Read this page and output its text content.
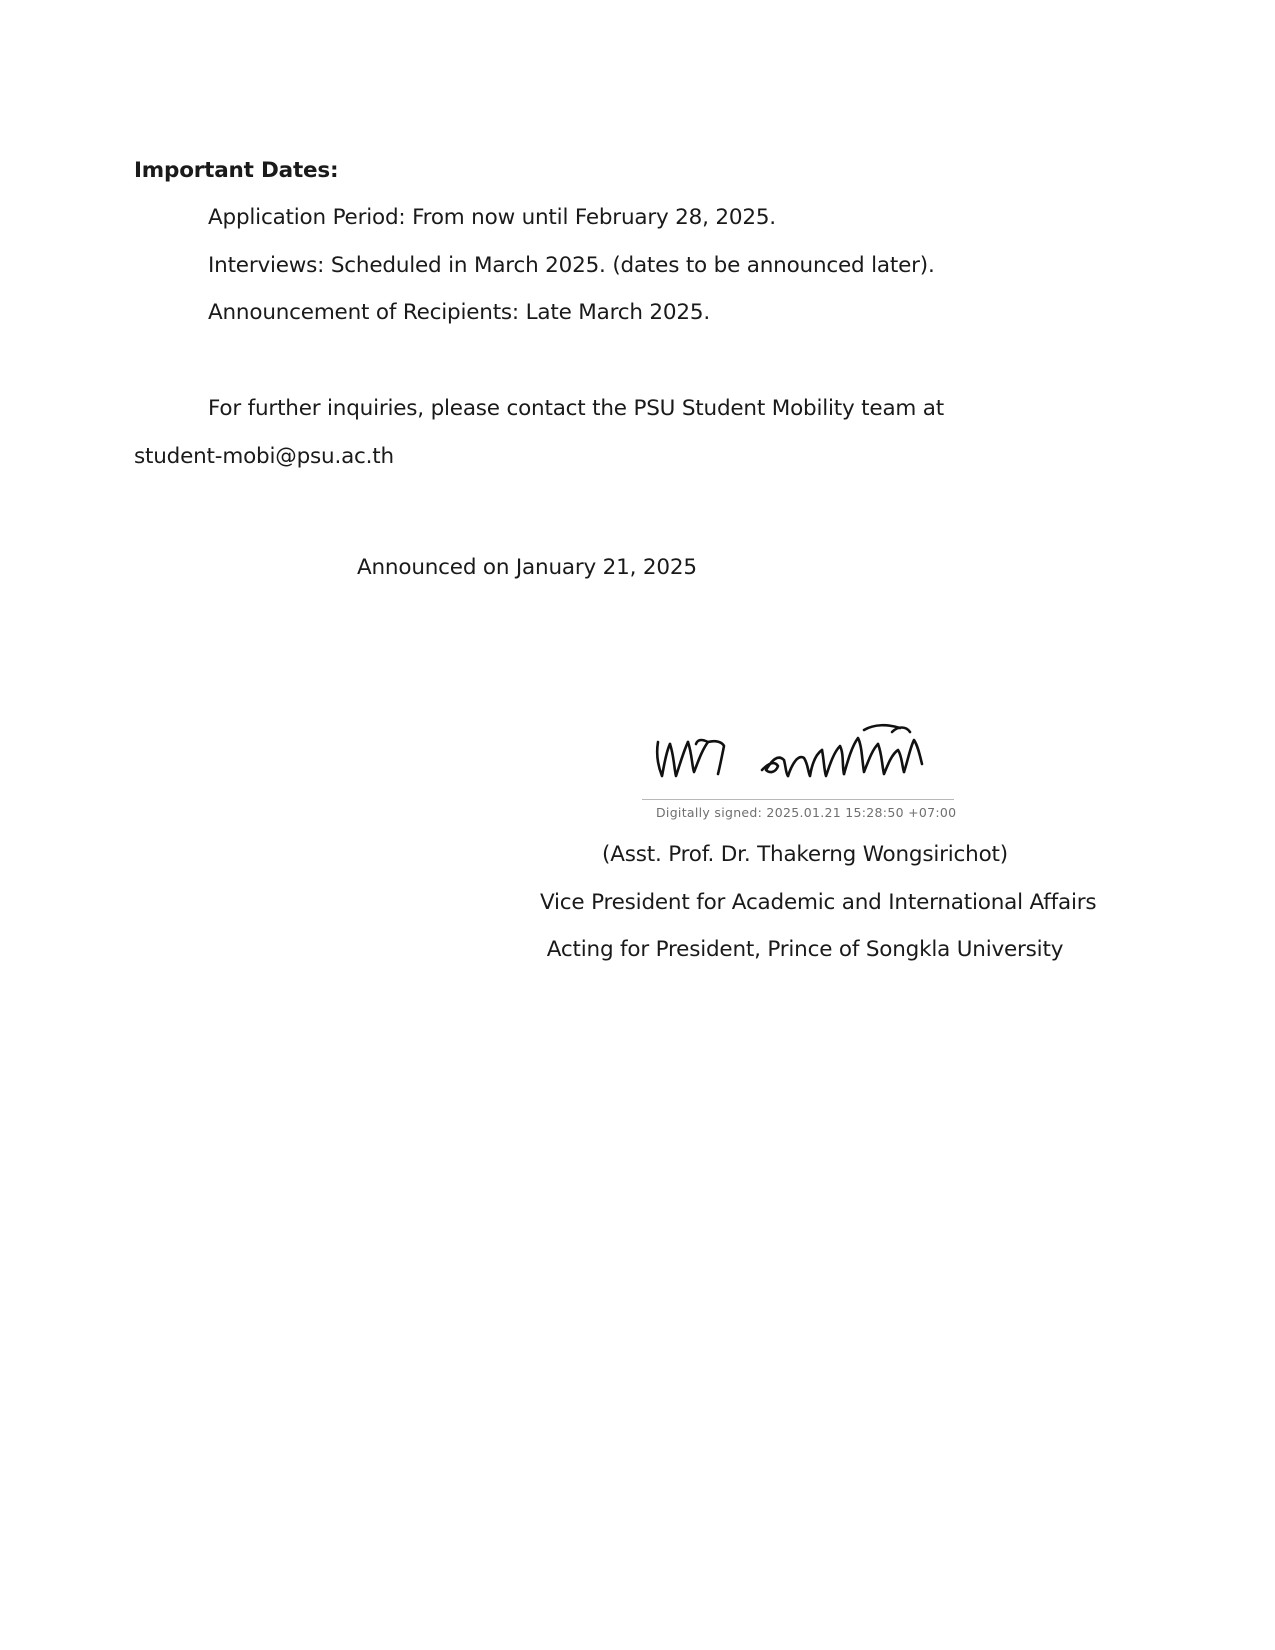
Important Dates:
Application Period: From now until February 28, 2025.
Interviews: Scheduled in March 2025. (dates to be announced later).
Announcement of Recipients: Late March 2025.
For further inquiries, please contact the PSU Student Mobility team at
student-mobi@psu.ac.th
Announced on January 21, 2025
Digitally signed: 2025.01.21 15:28:50 +07:00
(Asst. Prof. Dr. Thakerng Wongsirichot)
Vice President for Academic and International Affairs
Acting for President, Prince of Songkla University
